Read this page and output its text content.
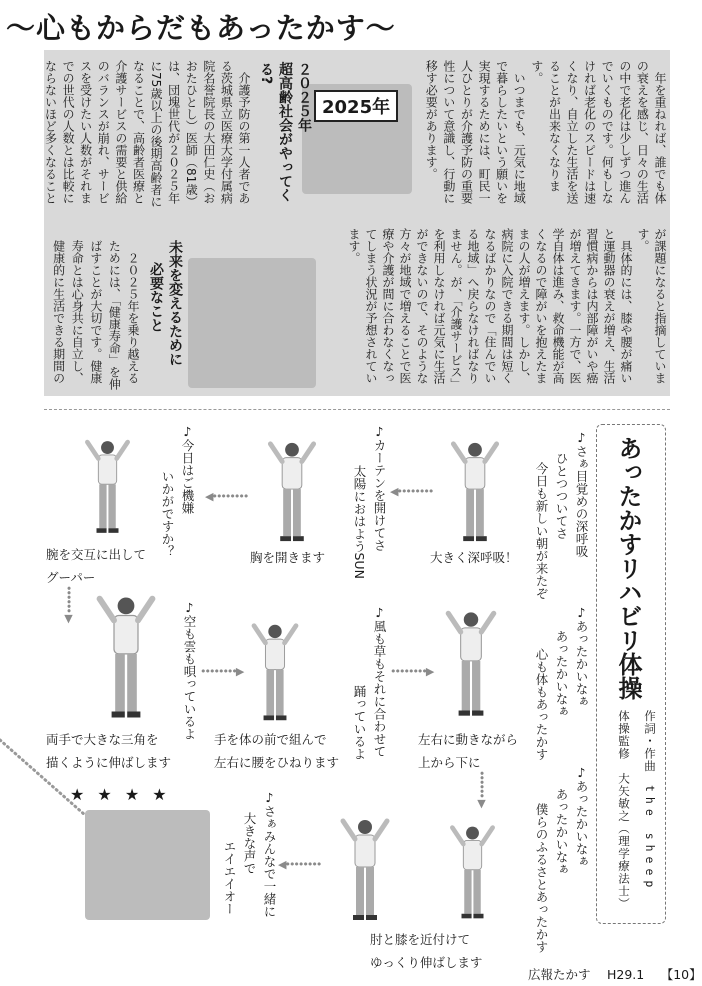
〜心もからだもあったかす〜

年を重ねれば、誰でも体の衰えを感じ、日々の生活の中で老化は少しずつ進んでいくものです。何もしなければ老化のスピードは速くなり、自立した生活を送ることが出来なくなります。

いつまでも、元気に地域で暮らしたいという願いを実現するためには、町民一人ひとりが介護予防の重要性について意識し、行動に移す必要があります。

2025年
２０２５年
超高齢社会がやってくる?

介護予防の第一人者である茨城県立医療大学付属病院名誉院長の大田仁史（おおたひとし）医師（81歳）は、団塊世代が２０２５年に75歳以上の後期高齢者になることで、高齢者医療と介護サービスの需要と供給のバランスが崩れ、サービスを受けたい人数がそれまでの世代の人数とは比較にならないほど多くなること

が課題になると指摘しています。

具体的には、膝や腰が痛いと運動器の衰えが増え、生活習慣病からは内部障がいや癌が増えてきます。一方で、医学自体は進み、救命機能が高くなるので障がいを抱えたままの人が増えます。しかし、病院に入院できる期間は短くなるばかりなので「住んでいる地域」へ戻らなければなりません。が、「介護サービス」を利用しなければ元気に生活ができないので、そのような方々が地域で増えることで医療や介護が間に合わなくなってしまう状況が予想されています。

未来を変えるために
必要なこと

２０２５年を乗り越えるためには、「健康寿命」を伸ばすことが大切です。健康寿命とは心身共に自立し、健康的に生活できる期間の

あったかすリハビリ体操
作詞・作曲　the sheep
体操監修　大矢敏之（理学療法士）
♪さぁ目覚めの深呼吸
ひとつついてさ
今日も新しい朝が来たぞ
♪あったかいなぁ
あったかいなぁ
心も体もあったかす
♪あったかいなぁ
あったかいなぁ
僕らのふるさとあったかす
大きく深呼吸！
◀••••••••
♪カーテンを開けてさ
太陽におはようSUN
胸を開きます
◀••••••••
♪今日はご機嫌
いかがですか？
腕を交互に出して
グーパー
••••••▼
両手で大きな三角を
描くように伸ばします
♪空も雲も唄っているよ ••••••••▶
手を体の前で組んで
左右に腰をひねります
♪風も草もそれに合わせて
踊っているよ
••••••••▶
左右に動きながら
上から下に
••••••▼
肘と膝を近付けて
ゆっくり伸ばします
◀••••••••
♪さぁみんなで一緒に
大きな声で
エイエイオー
★ ★ ★ ★
広報たかす　 H29.1　 【10】
